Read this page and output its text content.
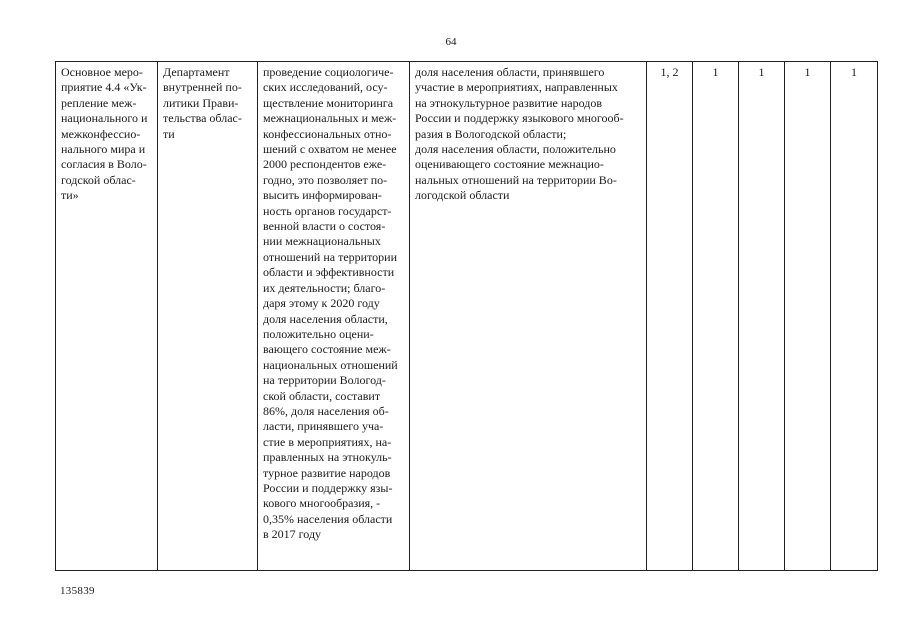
64
Основное меро-
приятие 4.4 «Ук-
репление меж-
национального и
межконфессио-
нального мира и
согласия в Воло-
годской облас-
ти»

Департамент
внутренней по-
литики Прави-
тельства облас-
ти

проведение социологиче-
ских исследований, осу-
ществление мониторинга
межнациональных и меж-
конфессиональных отно-
шений с охватом не менее
2000 респондентов еже-
годно, это позволяет по-
высить информирован-
ность органов государст-
венной власти о состоя-
нии межнациональных
отношений на территории
области и эффективности
их деятельности; благо-
даря этому к 2020 году
доля населения области,
положительно оцени-
вающего состояние меж-
национальных отношений
на территории Вологод-
ской области, составит
86%, доля населения об-
ласти, принявшего уча-
стие в мероприятиях, на-
правленных на этнокуль-
турное развитие народов
России и поддержку язы-
кового многообразия, -
0,35% населения области
в 2017 году

доля населения области, принявшего
участие в мероприятиях, направленных
на этнокультурное развитие народов
России и поддержку языкового многооб-
разия в Вологодской области;
доля населения области, положительно
оценивающего состояние межнацио-
нальных отношений на территории Во-
логодской области
	1, 2	1	1	1	1
135839
